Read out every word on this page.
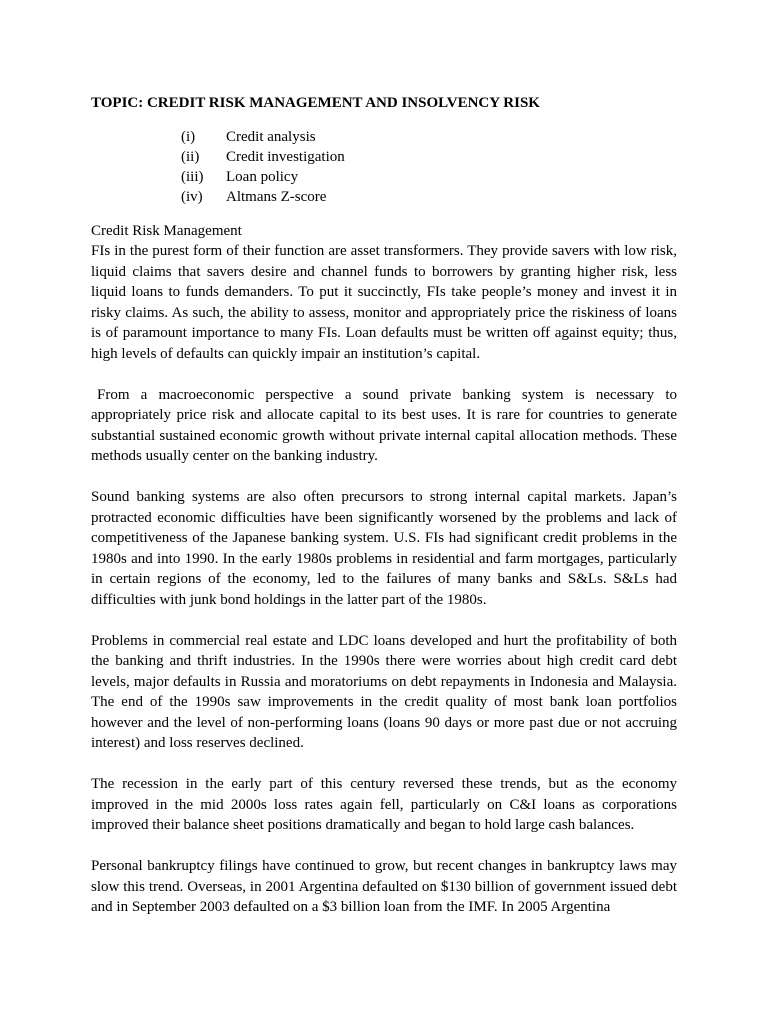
TOPIC: CREDIT RISK MANAGEMENT AND INSOLVENCY RISK
(i)	Credit analysis
(ii)	Credit investigation
(iii)	Loan policy
(iv)	Altmans Z-score
Credit Risk Management

FIs in the purest form of their function are asset transformers. They provide savers with low risk, liquid claims that savers desire and channel funds to borrowers by granting higher risk, less liquid loans to funds demanders. To put it succinctly, FIs take people’s money and invest it in risky claims. As such, the ability to assess, monitor and appropriately price the riskiness of loans is of paramount importance to many FIs. Loan defaults must be written off against equity; thus, high levels of defaults can quickly impair an institution’s capital.

From a macroeconomic perspective a sound private banking system is necessary to appropriately price risk and allocate capital to its best uses. It is rare for countries to generate substantial sustained economic growth without private internal capital allocation methods. These methods usually center on the banking industry.

Sound banking systems are also often precursors to strong internal capital markets. Japan’s protracted economic difficulties have been significantly worsened by the problems and lack of competitiveness of the Japanese banking system. U.S. FIs had significant credit problems in the 1980s and into 1990. In the early 1980s problems in residential and farm mortgages, particularly in certain regions of the economy, led to the failures of many banks and S&Ls. S&Ls had difficulties with junk bond holdings in the latter part of the 1980s.

Problems in commercial real estate and LDC loans developed and hurt the profitability of both the banking and thrift industries. In the 1990s there were worries about high credit card debt levels, major defaults in Russia and moratoriums on debt repayments in Indonesia and Malaysia. The end of the 1990s saw improvements in the credit quality of most bank loan portfolios however and the level of non-performing loans (loans 90 days or more past due or not accruing interest) and loss reserves declined.

The recession in the early part of this century reversed these trends, but as the economy improved in the mid 2000s loss rates again fell, particularly on C&I loans as corporations improved their balance sheet positions dramatically and began to hold large cash balances.

Personal bankruptcy filings have continued to grow, but recent changes in bankruptcy laws may slow this trend. Overseas, in 2001 Argentina defaulted on $130 billion of government issued debt and in September 2003 defaulted on a $3 billion loan from the IMF. In 2005 Argentina
